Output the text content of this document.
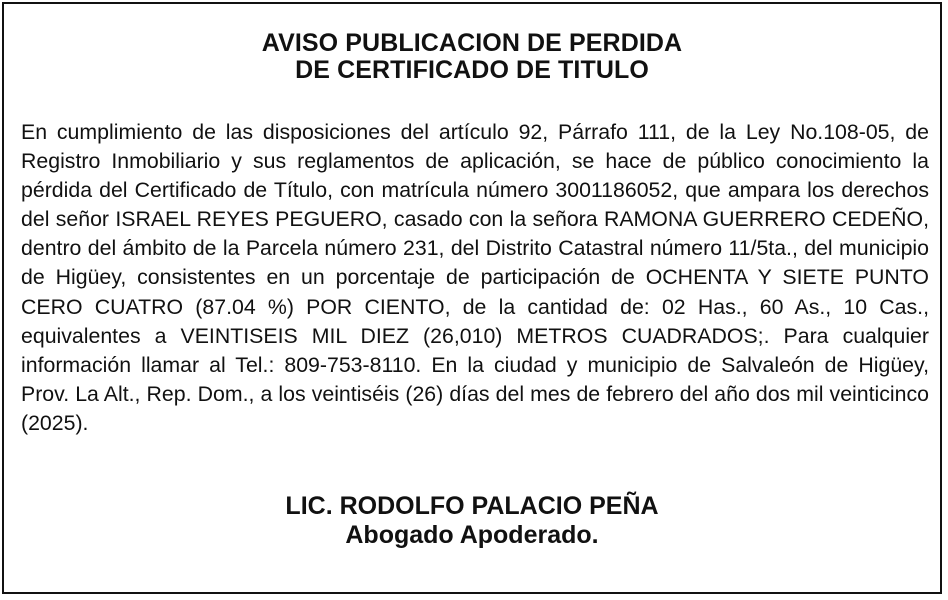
AVISO PUBLICACION DE PERDIDA
DE CERTIFICADO DE TITULO

En cumplimiento de las disposiciones del artículo 92, Párrafo 111, de la Ley No.108-05, de Registro Inmobiliario y sus reglamentos de aplicación, se hace de público conocimiento la pérdida del Certificado de Título, con matrícula número 3001186052, que ampara los derechos del señor ISRAEL REYES PEGUERO, casado con la señora RAMONA GUERRERO CEDEÑO, dentro del ámbito de la Parcela número 231, del Distrito Catastral número 11/5ta., del municipio de Higüey, consistentes en un porcentaje de participación de OCHENTA Y SIETE PUNTO CERO CUATRO (87.04 %) POR CIENTO, de la cantidad de: 02 Has., 60 As., 10 Cas., equivalentes a VEINTISEIS MIL DIEZ (26,010) METROS CUADRADOS;. Para cualquier información llamar al Tel.: 809-753-8110. En la ciudad y municipio de Salvaleón de Higüey, Prov. La Alt., Rep. Dom., a los veintiséis (26) días del mes de febrero del año dos mil veinticinco (2025).

LIC. RODOLFO PALACIO PEÑA
Abogado Apoderado.
